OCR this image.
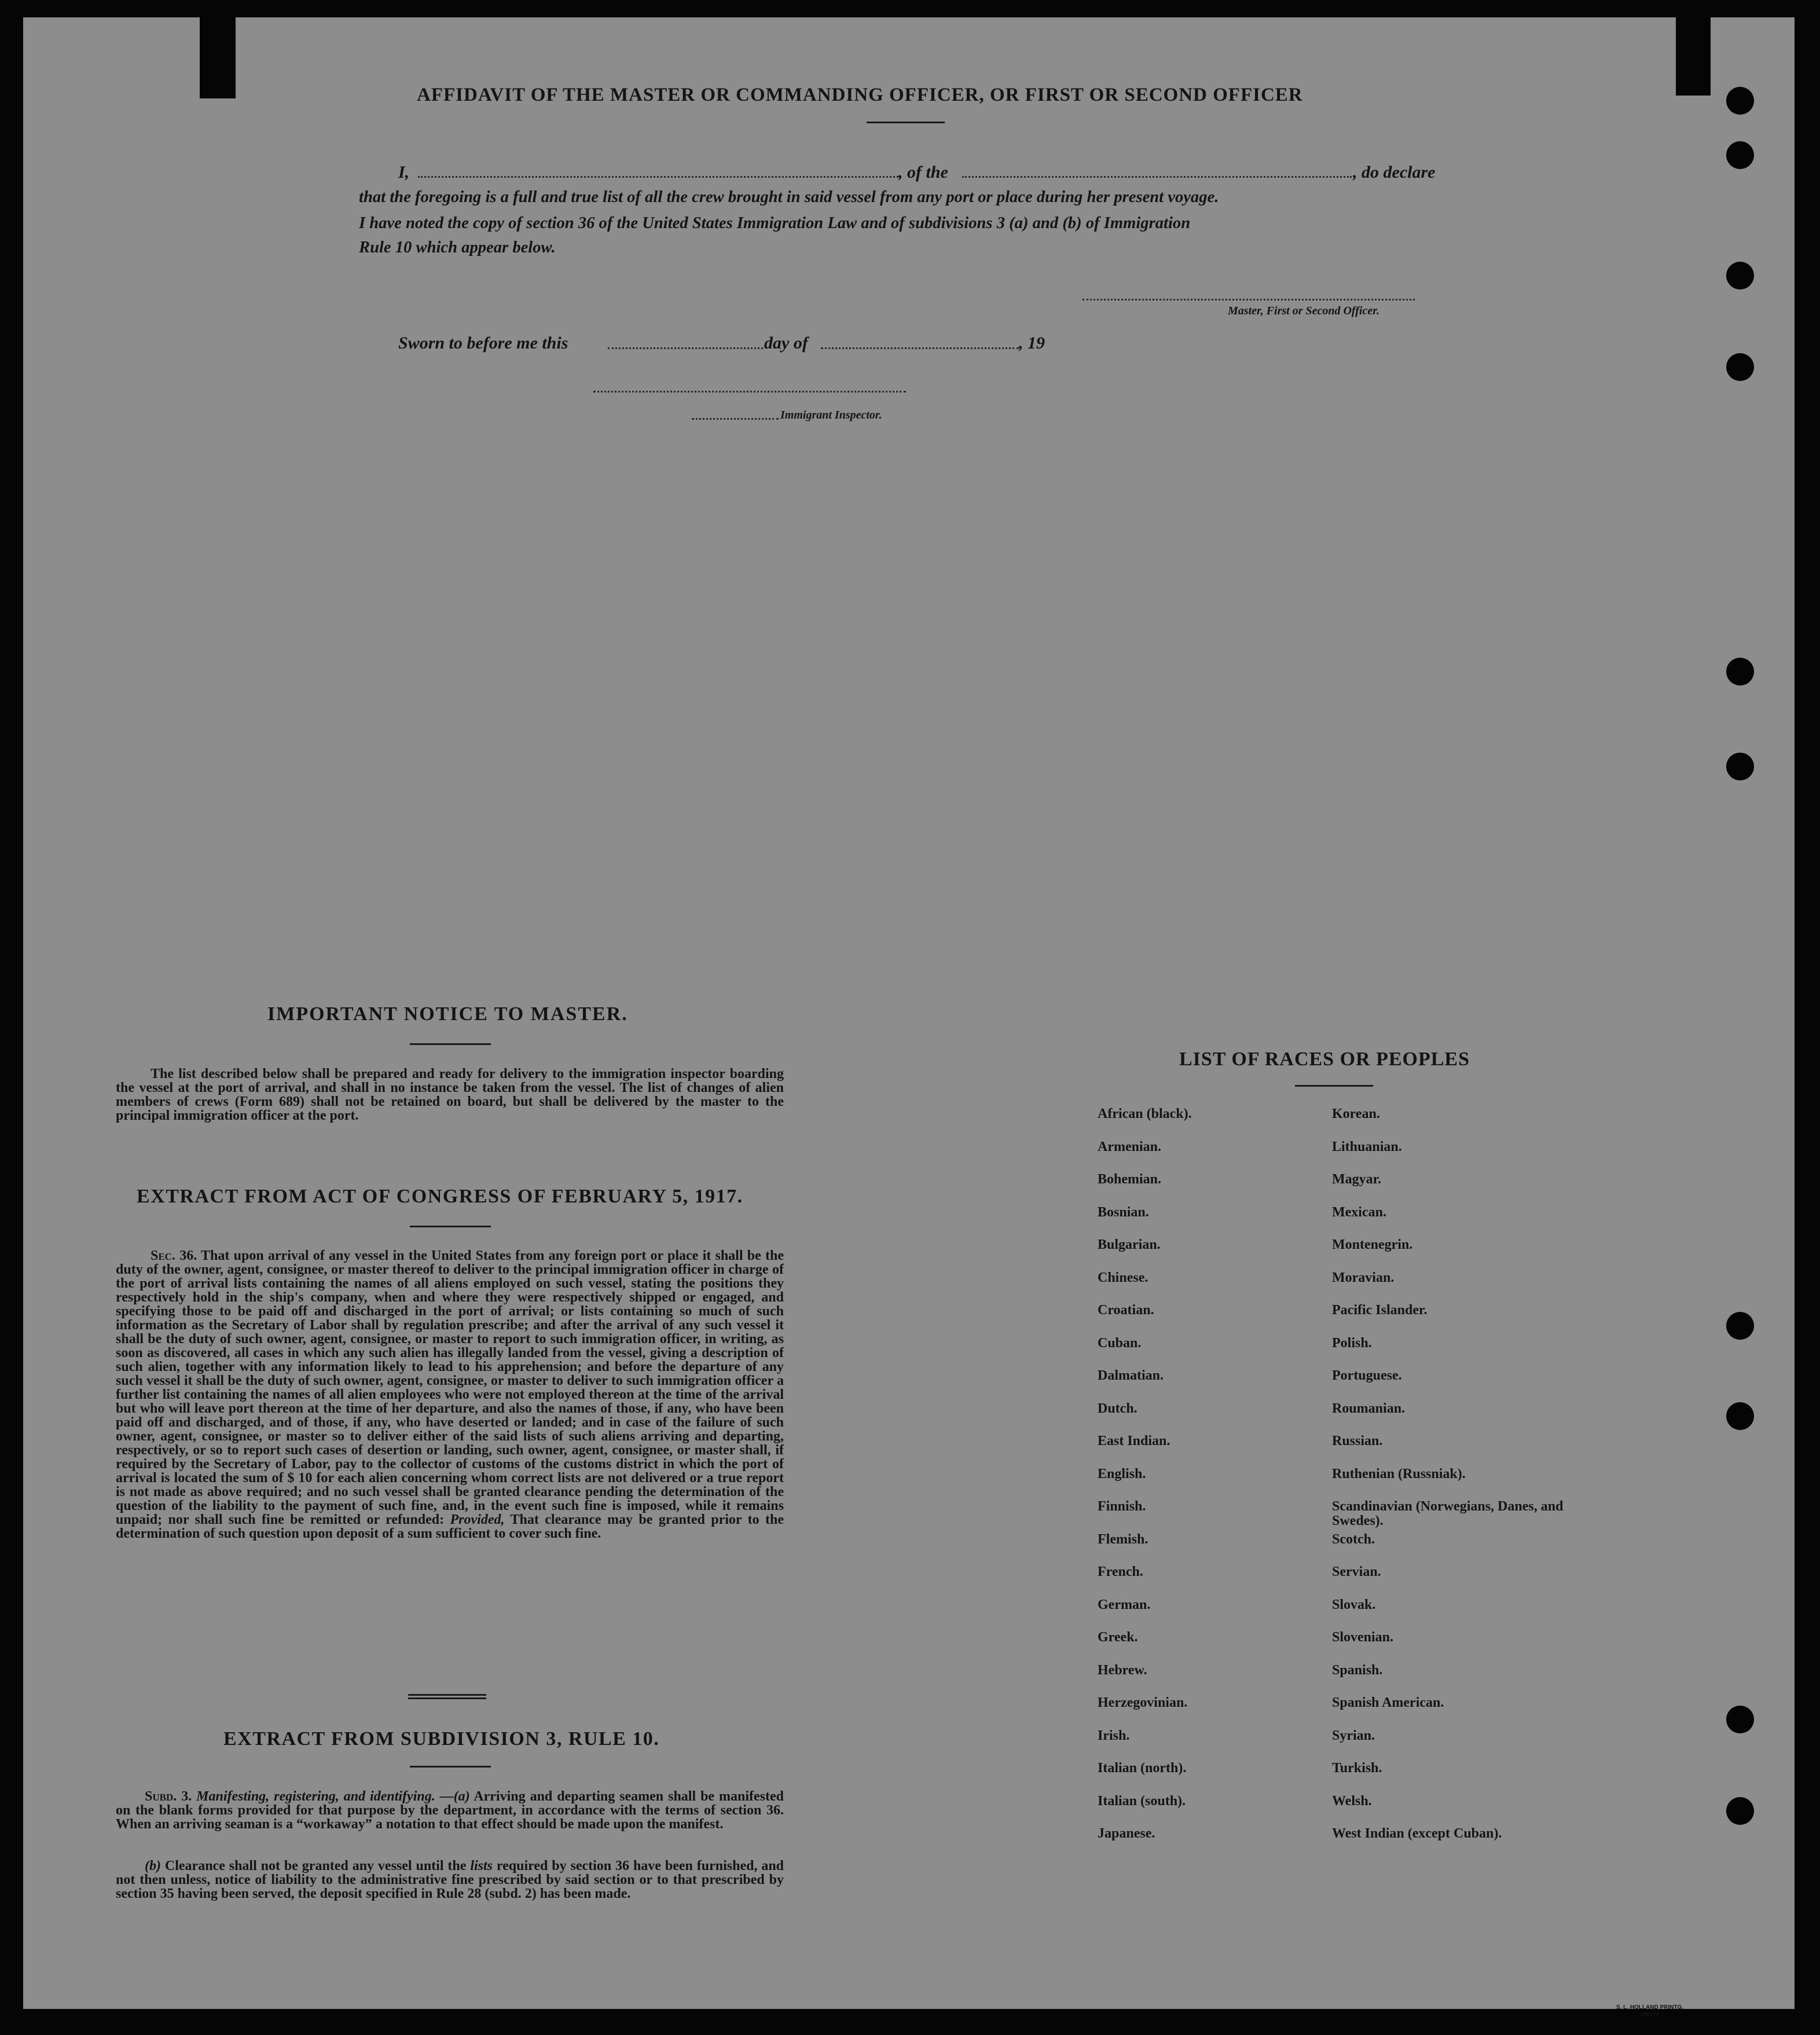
AFFIDAVIT OF THE MASTER OR COMMANDING OFFICER, OR FIRST OR SECOND OFFICER

I,	, of the	, do declare

that the foregoing is a full and true list of all the crew brought in said vessel from any port or place during her present voyage.

I have noted the copy of section 36 of the United States Immigration Law and of subdivisions 3 (a) and (b) of Immigration

Rule 10 which appear below.

Master, First or Second Officer.

Sworn to before me this	day of	, 19

Immigrant Inspector.

IMPORTANT NOTICE TO MASTER.

The list described below shall be prepared and ready for delivery to the immigration inspector boarding the vessel at the port of arrival, and shall in no instance be taken from the vessel. The list of changes of alien members of crews (Form 689) shall not be retained on board, but shall be delivered by the master to the principal immigration officer at the port.

EXTRACT FROM ACT OF CONGRESS OF FEBRUARY 5, 1917.

Sec. 36. That upon arrival of any vessel in the United States from any foreign port or place it shall be the duty of the owner, agent, consignee, or master thereof to deliver to the principal immigration officer in charge of the port of arrival lists containing the names of all aliens employed on such vessel, stating the positions they respectively hold in the ship's company, when and where they were respectively shipped or engaged, and specifying those to be paid off and discharged in the port of arrival; or lists containing so much of such information as the Secretary of Labor shall by regulation prescribe; and after the arrival of any such vessel it shall be the duty of such owner, agent, consignee, or master to report to such immigration officer, in writing, as soon as discovered, all cases in which any such alien has illegally landed from the vessel, giving a description of such alien, together with any information likely to lead to his apprehension; and before the departure of any such vessel it shall be the duty of such owner, agent, consignee, or master to deliver to such immigration officer a further list containing the names of all alien employees who were not employed thereon at the time of the arrival but who will leave port thereon at the time of her departure, and also the names of those, if any, who have been paid off and discharged, and of those, if any, who have deserted or landed; and in case of the failure of such owner, agent, consignee, or master so to deliver either of the said lists of such aliens arriving and departing, respectively, or so to report such cases of desertion or landing, such owner, agent, consignee, or master shall, if required by the Secretary of Labor, pay to the collector of customs of the customs district in which the port of arrival is located the sum of $ 10 for each alien concerning whom correct lists are not delivered or a true report is not made as above required; and no such vessel shall be granted clearance pending the determination of the question of the liability to the payment of such fine, and, in the event such fine is imposed, while it remains unpaid; nor shall such fine be remitted or refunded: Provided, That clearance may be granted prior to the determination of such question upon deposit of a sum sufficient to cover such fine.

EXTRACT FROM SUBDIVISION 3, RULE 10.

Subd. 3. Manifesting, registering, and identifying. —(a) Arriving and departing seamen shall be manifested on the blank forms provided for that purpose by the department, in accordance with the terms of section 36. When an arriving seaman is a “workaway” a notation to that effect should be made upon the manifest.

(b) Clearance shall not be granted any vessel until the lists required by section 36 have been furnished, and not then unless, notice of liability to the administrative fine prescribed by said section or to that prescribed by section 35 having been served, the deposit specified in Rule 28 (subd. 2) has been made.

LIST OF RACES OR PEOPLES

African (black).	Korean.
Armenian.	Lithuanian.
Bohemian.	Magyar.
Bosnian.	Mexican.
Bulgarian.	Montenegrin.
Chinese.	Moravian.
Croatian.	Pacific Islander.
Cuban.	Polish.
Dalmatian.	Portuguese.
Dutch.	Roumanian.
East Indian.	Russian.
English.	Ruthenian (Russniak).
Finnish.	Scandinavian (Norwegians, Danes, and Swedes).
Flemish.	Scotch.
French.	Servian.
German.	Slovak.
Greek.	Slovenian.
Hebrew.	Spanish.
Herzegovinian.	Spanish American.
Irish.	Syrian.
Italian (north).	Turkish.
Italian (south).	Welsh.
Japanese.	West Indian (except Cuban).
S. L. HOLLAND PRINTG.
300779
